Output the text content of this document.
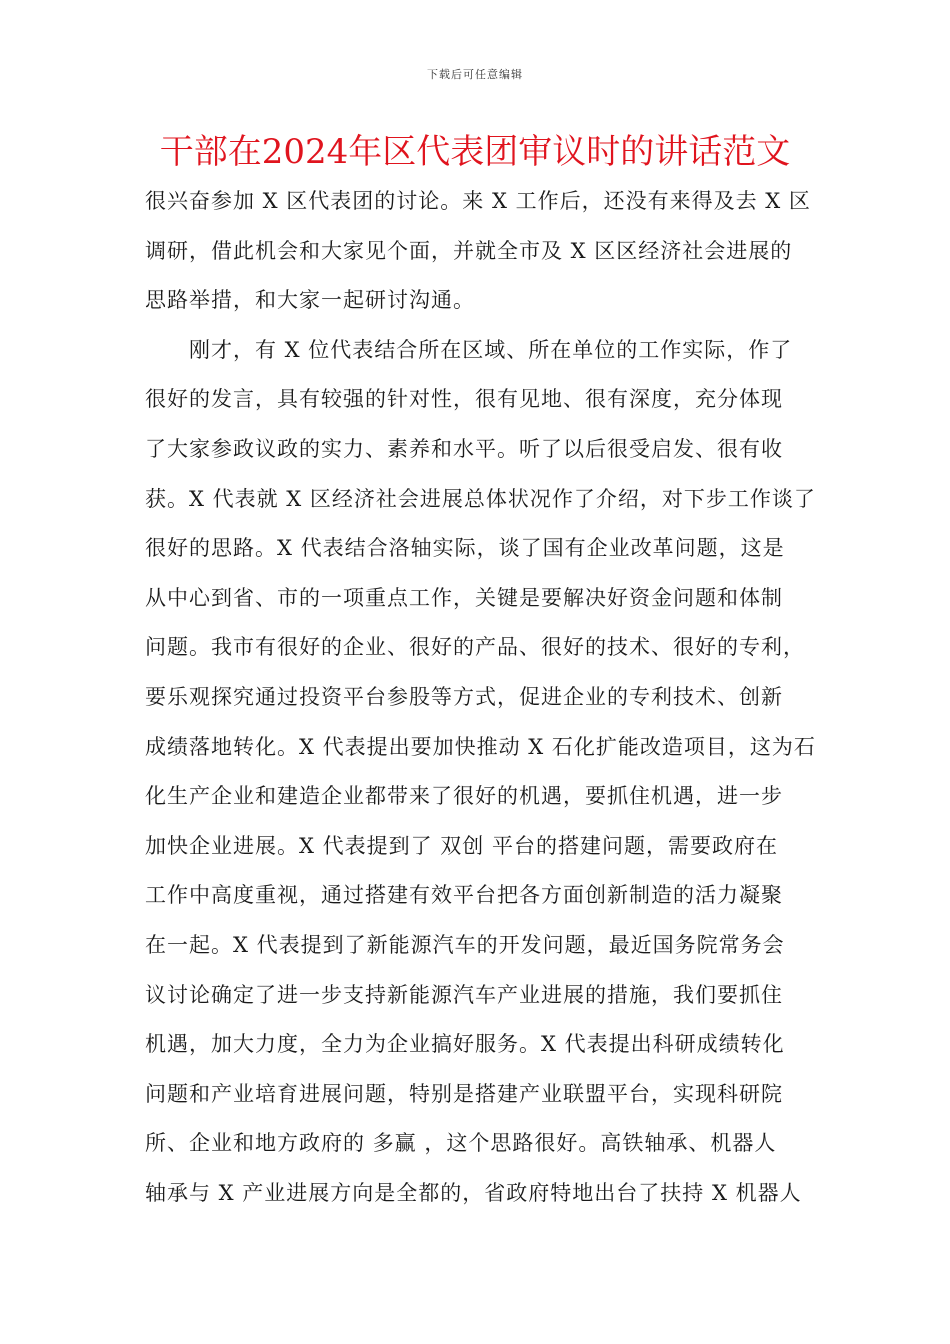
下载后可任意编辑
干部在2024年区代表团审议时的讲话范文
很兴奋参加 X 区代表团的讨论。来 X 工作后，还没有来得及去 X 区
调研，借此机会和大家见个面，并就全市及 X 区区经济社会进展的
思路举措，和大家一起研讨沟通。
刚才，有 X 位代表结合所在区域、所在单位的工作实际，作了
很好的发言，具有较强的针对性，很有见地、很有深度，充分体现
了大家参政议政的实力、素养和水平。听了以后很受启发、很有收
获。X 代表就 X 区经济社会进展总体状况作了介绍，对下步工作谈了
很好的思路。X 代表结合洛轴实际，谈了国有企业改革问题，这是
从中心到省、市的一项重点工作，关键是要解决好资金问题和体制
问题。我市有很好的企业、很好的产品、很好的技术、很好的专利，
要乐观探究通过投资平台参股等方式，促进企业的专利技术、创新
成绩落地转化。X 代表提出要加快推动 X 石化扩能改造项目，这为石
化生产企业和建造企业都带来了很好的机遇，要抓住机遇，进一步
加快企业进展。X 代表提到了 双创 平台的搭建问题，需要政府在
工作中高度重视，通过搭建有效平台把各方面创新制造的活力凝聚
在一起。X 代表提到了新能源汽车的开发问题，最近国务院常务会
议讨论确定了进一步支持新能源汽车产业进展的措施，我们要抓住
机遇，加大力度，全力为企业搞好服务。X 代表提出科研成绩转化
问题和产业培育进展问题，特别是搭建产业联盟平台，实现科研院
所、企业和地方政府的 多赢 ，这个思路很好。高铁轴承、机器人
轴承与 X 产业进展方向是全都的，省政府特地出台了扶持 X 机器人
